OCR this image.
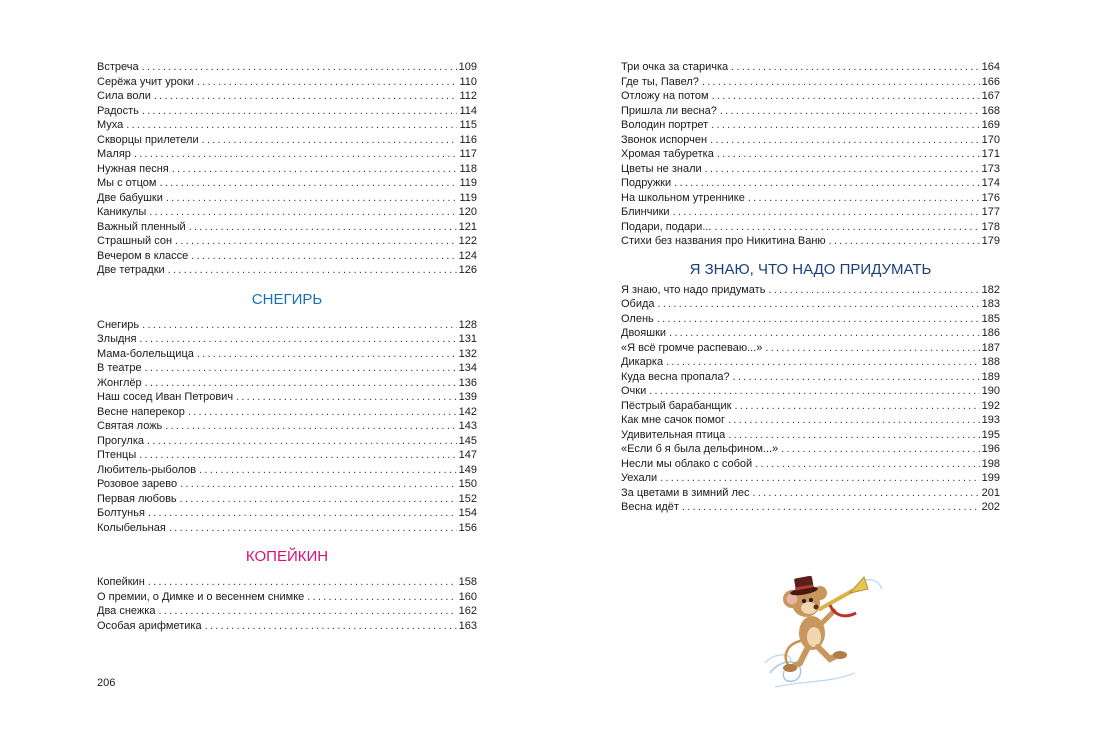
Встреча . . .	109
Серёжа учит уроки . . .	110
Сила воли . . .	112
Радость . . .	114
Муха . . .	115
Скворцы прилетели . . .	116
Маляр . . .	117
Нужная песня . . .	118
Мы с отцом . . .	119
Две бабушки . . .	119
Каникулы . . .	120
Важный пленный . . .	121
Страшный сон . . .	122
Вечером в классе . . .	124
Две тетрадки . . .	126
СНЕГИРЬ
Снегирь . . .	128
Злыдня . . .	131
Мама-болельщица . . .	132
В театре . . .	134
Жонглёр . . .	136
Наш сосед Иван Петрович . . .	139
Весне наперекор . . .	142
Святая ложь . . .	143
Прогулка . . .	145
Птенцы . . .	147
Любитель-рыболов . . .	149
Розовое зарево . . .	150
Первая любовь . . .	152
Болтунья . . .	154
Колыбельная . . .	156
КОПЕЙКИН
Копейкин . . .	158
О премии, о Димке и о весеннем снимке . . .	160
Два снежка . . .	162
Особая арифметика . . .	163
Три очка за старичка . . .	164
Где ты, Павел? . . .	166
Отложу на потом . . .	167
Пришла ли весна? . . .	168
Володин портрет . . .	169
Звонок испорчен . . .	170
Хромая табуретка . . .	171
Цветы не знали . . .	173
Подружки . . .	174
На школьном утреннике . . .	176
Блинчики . . .	177
Подари, подари... . . .	178
Стихи без названия про Никитина Ваню . . .	179
Я ЗНАЮ, ЧТО НАДО ПРИДУМАТЬ
Я знаю, что надо придумать . . .	182
Обида . . .	183
Олень . . .	185
Двояшки . . .	186
«Я всё громче распеваю...» . . .	187
Дикарка . . .	188
Куда весна пропала? . . .	189
Очки . . .	190
Пёстрый барабанщик . . .	192
Как мне сачок помог . . .	193
Удивительная птица . . .	195
«Если б я была дельфином...» . . .	196
Несли мы облако с собой . . .	198
Уехали . . .	199
За цветами в зимний лес . . .	201
Весна идёт . . .	202
206
